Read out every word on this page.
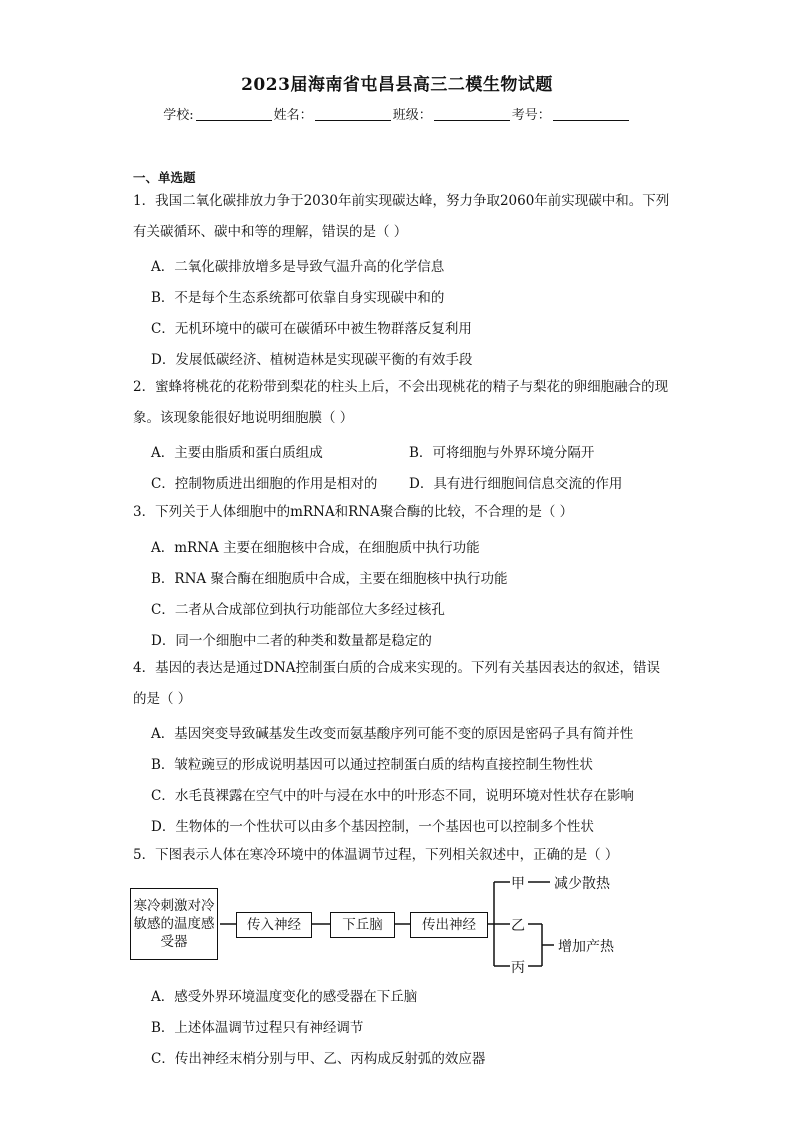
2023届海南省屯昌县高三二模生物试题
学校:	姓名：	班级：	考号：
一、单选题
1．我国二氧化碳排放力争于2030年前实现碳达峰，努力争取2060年前实现碳中和。下列有关碳循环、碳中和等的理解，错误的是（ ）
A．二氧化碳排放增多是导致气温升高的化学信息
B．不是每个生态系统都可依靠自身实现碳中和的
C．无机环境中的碳可在碳循环中被生物群落反复利用
D．发展低碳经济、植树造林是实现碳平衡的有效手段
2．蜜蜂将桃花的花粉带到梨花的柱头上后，不会出现桃花的精子与梨花的卵细胞融合的现象。该现象能很好地说明细胞膜（ ）
A．主要由脂质和蛋白质组成	B．可将细胞与外界环境分隔开
C．控制物质进出细胞的作用是相对的 D．具有进行细胞间信息交流的作用
3．下列关于人体细胞中的mRNA和RNA聚合酶的比较，不合理的是（ ）
A．mRNA 主要在细胞核中合成，在细胞质中执行功能
B．RNA 聚合酶在细胞质中合成，主要在细胞核中执行功能
C．二者从合成部位到执行功能部位大多经过核孔
D．同一个细胞中二者的种类和数量都是稳定的
4．基因的表达是通过DNA控制蛋白质的合成来实现的。下列有关基因表达的叙述，错误的是（ ）
A．基因突变导致碱基发生改变而氨基酸序列可能不变的原因是密码子具有简并性
B．皱粒豌豆的形成说明基因可以通过控制蛋白质的结构直接控制生物性状
C．水毛茛裸露在空气中的叶与浸在水中的叶形态不同，说明环境对性状存在影响
D．生物体的一个性状可以由多个基因控制，一个基因也可以控制多个性状
5．下图表示人体在寒冷环境中的体温调节过程，下列相关叙述中，正确的是（ ）
寒冷刺激对冷敏感的温度感受器
传入神经	下丘脑	传出神经
甲
乙
丙
减少散热
增加产热
A．感受外界环境温度变化的感受器在下丘脑
B．上述体温调节过程只有神经调节
C．传出神经末梢分别与甲、乙、丙构成反射弧的效应器
